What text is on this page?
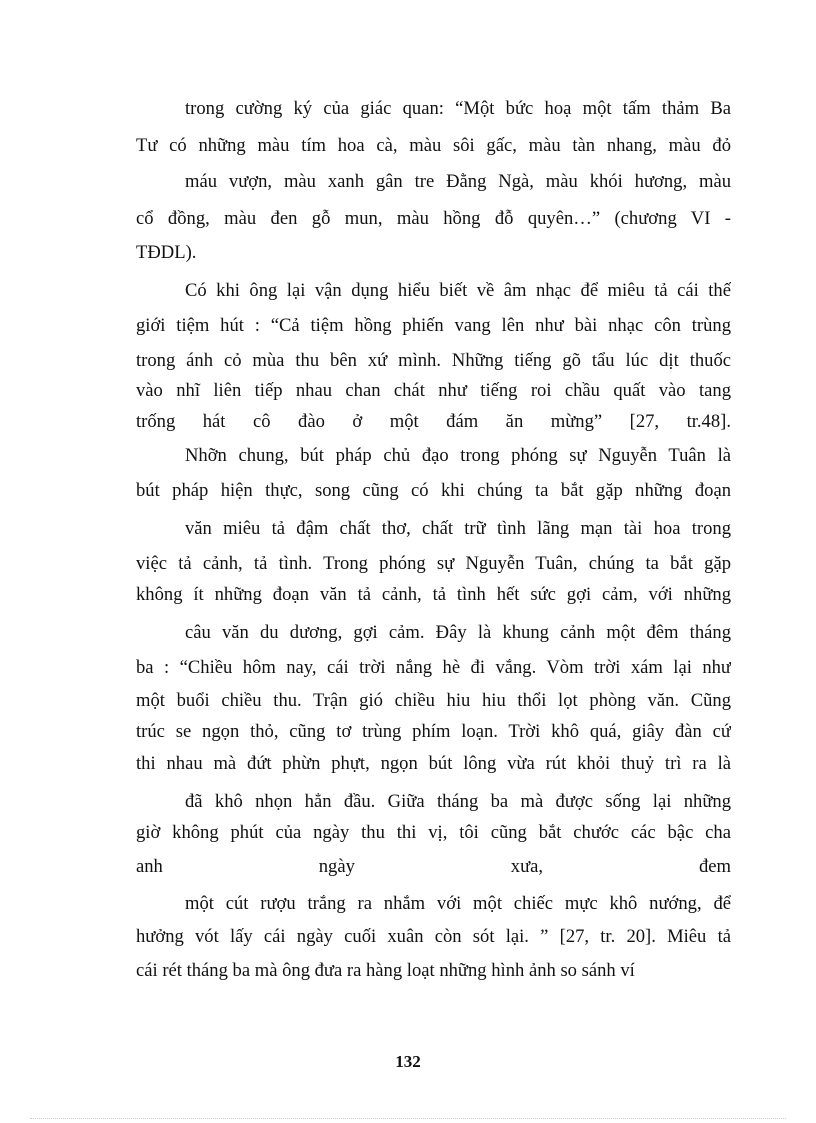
trong cường ký của giác quan: “Một bức hoạ một tấm thảm Ba
Tư có những màu tím hoa cà, màu sôi gấc, màu tàn nhang, màu đỏ
máu vượn, màu xanh gân tre Đằng Ngà, màu khói hương, màu
cổ đồng, màu đen gỗ mun, màu hồng đỗ quyên…” (chương VI -
TĐDL).
Có khi ông lại vận dụng hiểu biết về âm nhạc để miêu tả cái thế
giới tiệm hút : “Cả tiệm hồng phiến vang lên như bài nhạc côn trùng
trong ánh cỏ mùa thu bên xứ mình. Những tiếng gõ tẩu lúc dịt thuốc
vào nhĩ liên tiếp nhau chan chát như tiếng roi chầu quất vào tang
trống hát cô đào ở một đám ăn mừng” [27, tr.48].
Nhỡn chung, bút pháp chủ đạo trong phóng sự Nguyễn Tuân là
bút pháp hiện thực, song cũng có khi chúng ta bắt gặp những đoạn
văn miêu tả đậm chất thơ, chất trữ tình lãng mạn tài hoa trong
việc tả cảnh, tả tình. Trong phóng sự Nguyễn Tuân, chúng ta bắt gặp
không ít những đoạn văn tả cảnh, tả tình hết sức gợi cảm, với những
câu văn du dương, gợi cảm. Đây là khung cảnh một đêm tháng
ba : “Chiều hôm nay, cái trời nắng hè đi vắng. Vòm trời xám lại như
một buổi chiều thu. Trận gió chiều hiu hiu thổi lọt phòng văn. Cũng
trúc se ngọn thỏ, cũng tơ trùng phím loạn. Trời khô quá, giây đàn cứ
thi nhau mà đứt phừn phựt, ngọn bút lông vừa rút khỏi thuỷ trì ra là
đã khô nhọn hẳn đầu. Giữa tháng ba mà được sống lại những
giờ không phút của ngày thu thi vị, tôi cũng bắt chước các bậc cha
anh ngày xưa, đem
một cút rượu trắng ra nhắm với một chiếc mực khô nướng, để
hưởng vót lấy cái ngày cuối xuân còn sót lại. ” [27, tr. 20]. Miêu tả
cái rét tháng ba mà ông đưa ra hàng loạt những hình ảnh so sánh ví
132
